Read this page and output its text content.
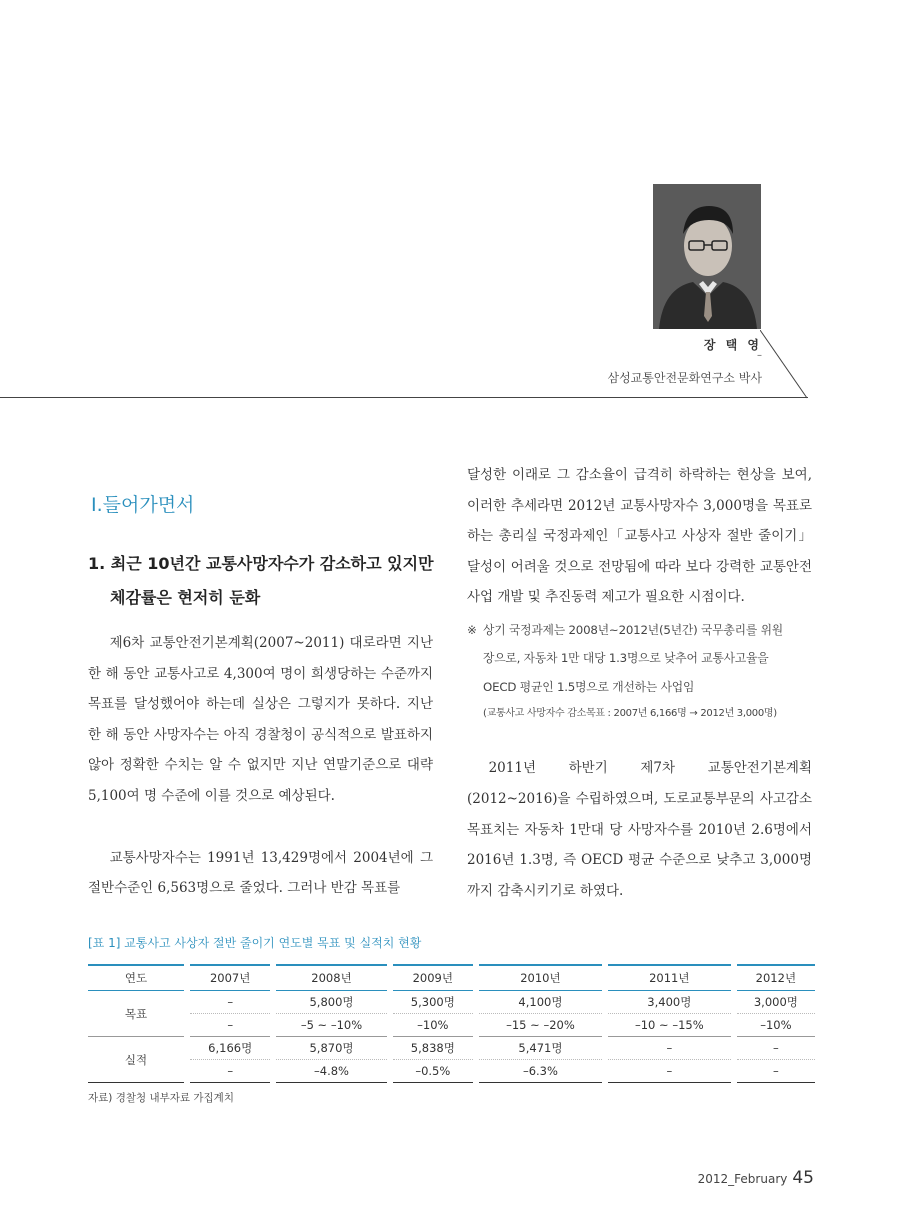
장 택 영
–
삼성교통안전문화연구소 박사
Ⅰ.들어가면서
1. 최근 10년간 교통사망자수가 감소하고 있지만
체감률은 현저히 둔화

제6차 교통안전기본계획(2007~2011) 대로라면 지난 한 해 동안 교통사고로 4,300여 명이 희생당하는 수준까지 목표를 달성했어야 하는데 실상은 그렇지가 못하다. 지난 한 해 동안 사망자수는 아직 경찰청이 공식적으로 발표하지 않아 정확한 수치는 알 수 없지만 지난 연말기준으로 대략 5,100여 명 수준에 이를 것으로 예상된다.

교통사망자수는 1991년 13,429명에서 2004년에 그 절반수준인 6,563명으로 줄었다. 그러나 반감 목표를

달성한 이래로 그 감소율이 급격히 하락하는 현상을 보여, 이러한 추세라면 2012년 교통사망자수 3,000명을 목표로 하는 총리실 국정과제인「교통사고 사상자 절반 줄이기」달성이 어려울 것으로 전망됨에 따라 보다 강력한 교통안전사업 개발 및 추진동력 제고가 필요한 시점이다.

※ 상기 국정과제는 2008년~2012년(5년간) 국무총리를 위원
장으로, 자동차 1만 대당 1.3명으로 낮추어 교통사고율을
OECD 평균인 1.5명으로 개선하는 사업임
(교통사고 사망자수 감소목표 : 2007년 6,166명 → 2012년 3,000명)

2011년 하반기 제7차 교통안전기본계획(2012~2016)을 수립하였으며, 도로교통부문의 사고감소 목표치는 자동차 1만대 당 사망자수를 2010년 2.6명에서 2016년 1.3명, 즉 OECD 평균 수준으로 낮추고 3,000명까지 감축시키기로 하였다.

[표 1] 교통사고 사상자 절반 줄이기 연도별 목표 및 실적치 현황
연도	2007년	2008년	2009년	2010년	2011년	2012년
목표	–	5,800명	5,300명	4,100명	3,400명	3,000명
	–	–5 ~ –10%	–10%	–15 ~ –20%	–10 ~ –15%	–10%
실적	6,166명	5,870명	5,838명	5,471명	–	–
	–	–4.8%	–0.5%	–6.3%	–	–
자료) 경찰청 내부자료 가집계치
2012_February 45
